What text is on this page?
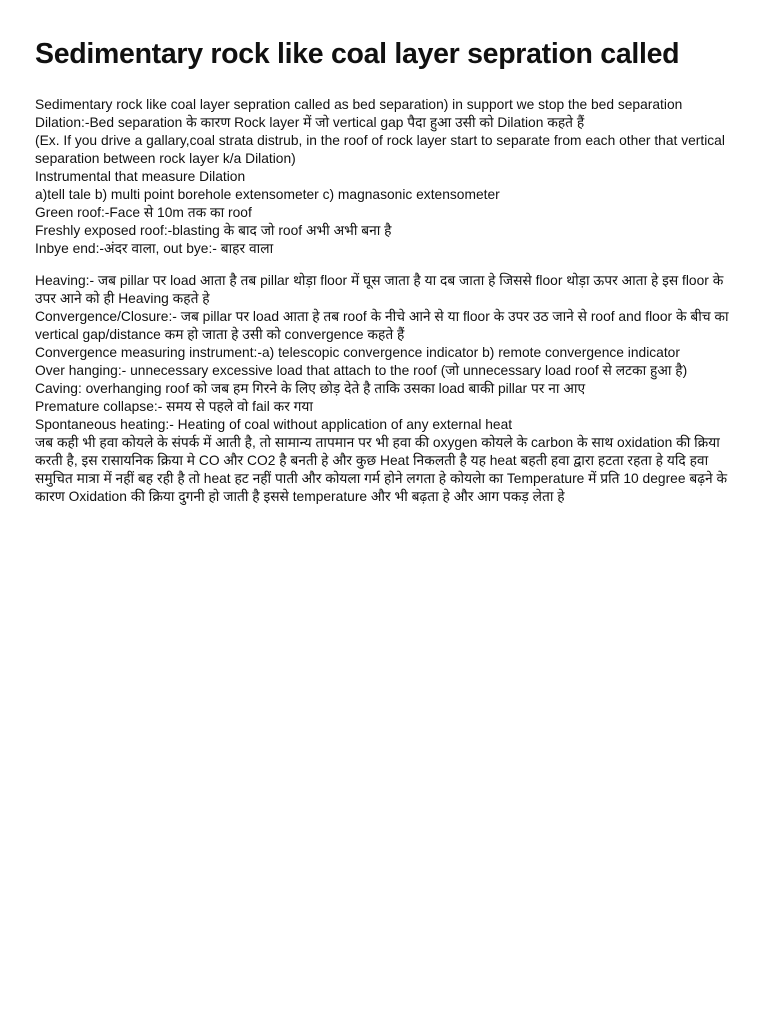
Sedimentary rock like coal layer sepration called

Sedimentary rock like coal layer sepration called as bed separation) in support we stop the bed separation

Dilation:-Bed separation के कारण Rock layer में जो vertical gap पैदा हुआ उसी को Dilation कहते हैं

(Ex. If you drive a gallary,coal strata distrub, in the roof of rock layer start to separate from each other that vertical separation between rock layer k/a Dilation)

Instrumental that measure Dilation

a)tell tale b) multi point borehole extensometer c) magnasonic extensometer

Green roof:-Face से 10m तक का roof

Freshly exposed roof:-blasting के बाद जो roof अभी अभी बना है

Inbye end:-अंदर वाला, out bye:- बाहर वाला

Heaving:- जब pillar पर load आता है तब pillar थोड़ा floor में घूस जाता है या दब जाता हे जिससे floor थोड़ा ऊपर आता हे इस floor के उपर आने को ही Heaving कहते हे

Convergence/Closure:- जब pillar पर load आता हे तब roof के नीचे आने से या floor के उपर उठ जाने से roof and floor के बीच का vertical gap/distance कम हो जाता हे उसी को convergence कहते हैं

Convergence measuring instrument:-a) telescopic convergence indicator b) remote convergence indicator

Over hanging:- unnecessary excessive load that attach to the roof (जो unnecessary load roof से लटका हुआ है)

Caving: overhanging roof को जब हम गिरने के लिए छोड़ देते है ताकि उसका load बाकी pillar पर ना आए

Premature collapse:- समय से पहले वो fail कर गया

Spontaneous heating:- Heating of coal without application of any external heat

जब कही भी हवा कोयले के संपर्क में आती है, तो सामान्य तापमान पर भी हवा की oxygen कोयले के carbon के साथ oxidation की क्रिया करती है, इस रासायनिक क्रिया मे CO और CO2 है बनती हे और कुछ Heat निकलती है यह heat बहती हवा द्वारा हटता रहता हे यदि हवा समुचित मात्रा में नहीं बह रही है तो heat हट नहीं पाती और कोयला गर्म होने लगता हे कोयलेा का Temperature में प्रति 10 degree बढ़ने के कारण Oxidation की क्रिया दुगनी हो जाती है इससे temperature और भी बढ़ता हे और आग पकड़ लेता हे
